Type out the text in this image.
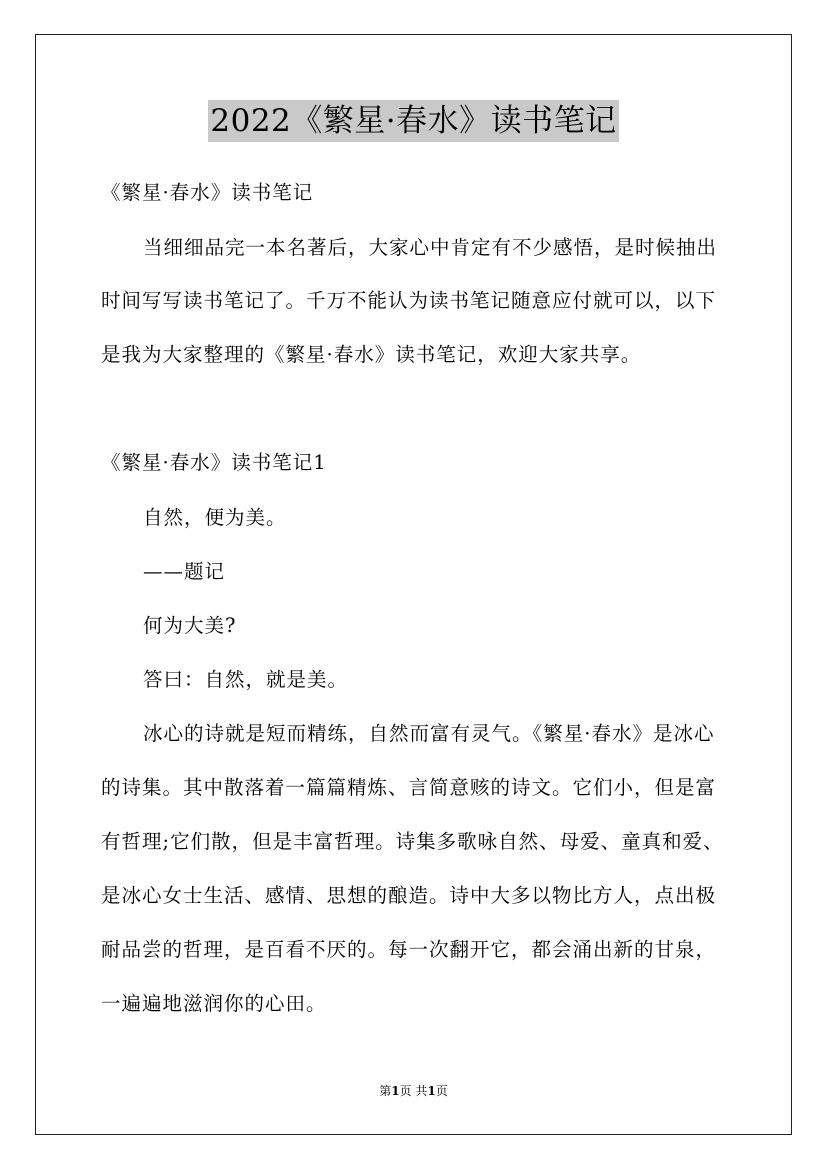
2022《繁星·春水》读书笔记
《繁星·春水》读书笔记
当细细品完一本名著后，大家心中肯定有不少感悟，是时候抽出
时间写写读书笔记了。千万不能认为读书笔记随意应付就可以，以下
是我为大家整理的《繁星·春水》读书笔记，欢迎大家共享。
《繁星·春水》读书笔记1
自然，便为美。
——题记
何为大美?
答曰：自然，就是美。
冰心的诗就是短而精练，自然而富有灵气。《繁星·春水》是冰心
的诗集。其中散落着一篇篇精炼、言简意赅的诗文。它们小，但是富
有哲理;它们散，但是丰富哲理。诗集多歌咏自然、母爱、童真和爱、
是冰心女士生活、感情、思想的酿造。诗中大多以物比方人，点出极
耐品尝的哲理，是百看不厌的。每一次翻开它，都会涌出新的甘泉，
一遍遍地滋润你的心田。
第1页 共1页
